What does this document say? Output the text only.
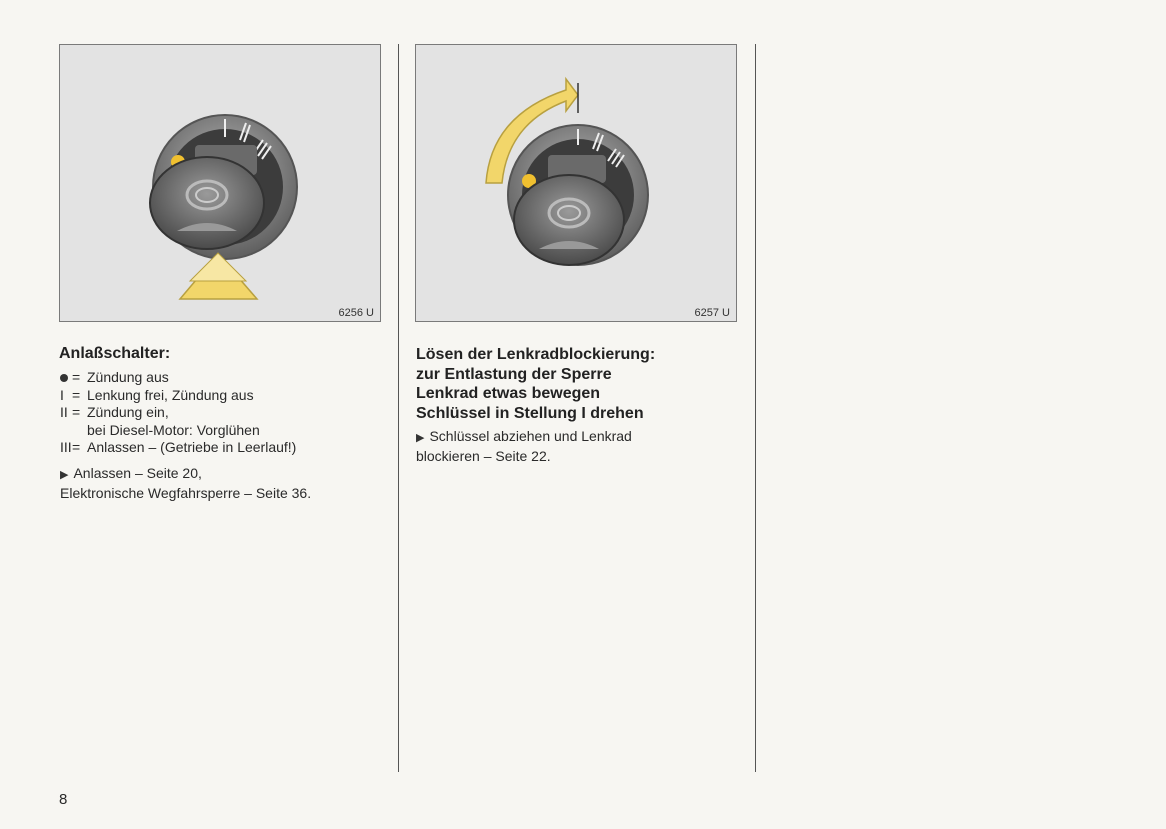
6256 U	6257 U
Anlaßschalter:
= Zündung aus
I = Lenkung frei, Zündung aus
II = Zündung ein,
bei Diesel-Motor: Vorglühen
III = Anlassen – (Getriebe in Leerlauf!)
▶ Anlassen – Seite 20,
Elektronische Wegfahrsperre – Seite 36.
Lösen der Lenkradblockierung:
zur Entlastung der Sperre
Lenkrad etwas bewegen
Schlüssel in Stellung I drehen
▶ Schlüssel abziehen und Lenkrad
blockieren – Seite 22.
8
